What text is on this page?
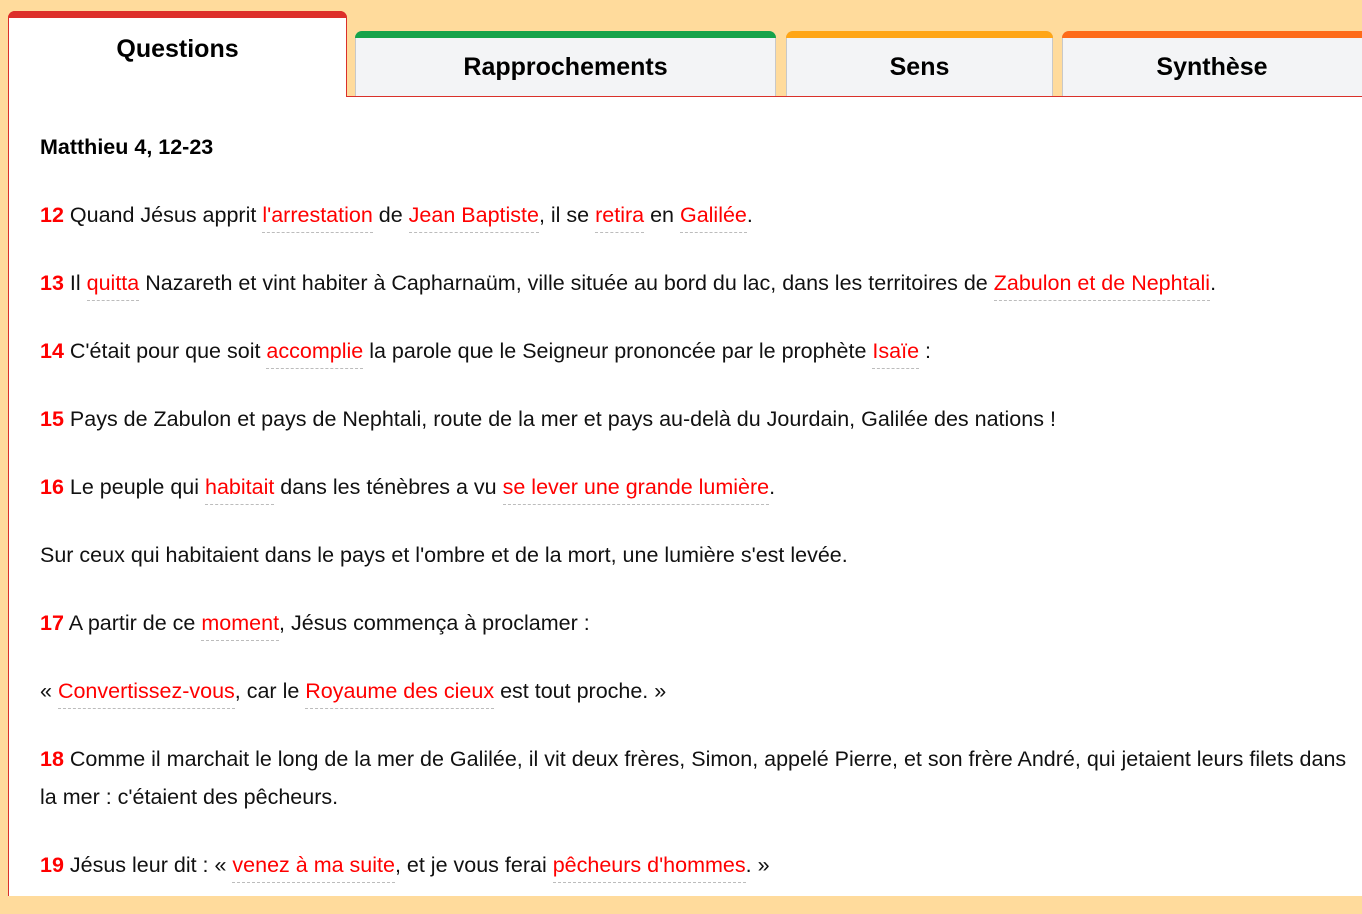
Questions
Rapprochements	Sens	Synthèse
Matthieu 4, 12-23
12 Quand Jésus apprit l'arrestation de Jean Baptiste, il se retira en Galilée.
13 Il quitta Nazareth et vint habiter à Capharnaüm, ville située au bord du lac, dans les territoires de Zabulon et de Nephtali.
14 C'était pour que soit accomplie la parole que le Seigneur prononcée par le prophète Isaïe :
15 Pays de Zabulon et pays de Nephtali, route de la mer et pays au-delà du Jourdain, Galilée des nations !
16 Le peuple qui habitait dans les ténèbres a vu se lever une grande lumière.
Sur ceux qui habitaient dans le pays et l'ombre et de la mort, une lumière s'est levée.
17 A partir de ce moment, Jésus commença à proclamer :
« Convertissez-vous, car le Royaume des cieux est tout proche. »
18 Comme il marchait le long de la mer de Galilée, il vit deux frères, Simon, appelé Pierre, et son frère André, qui jetaient leurs filets dans la mer : c'étaient des pêcheurs.
19 Jésus leur dit : « venez à ma suite, et je vous ferai pêcheurs d'hommes. »
